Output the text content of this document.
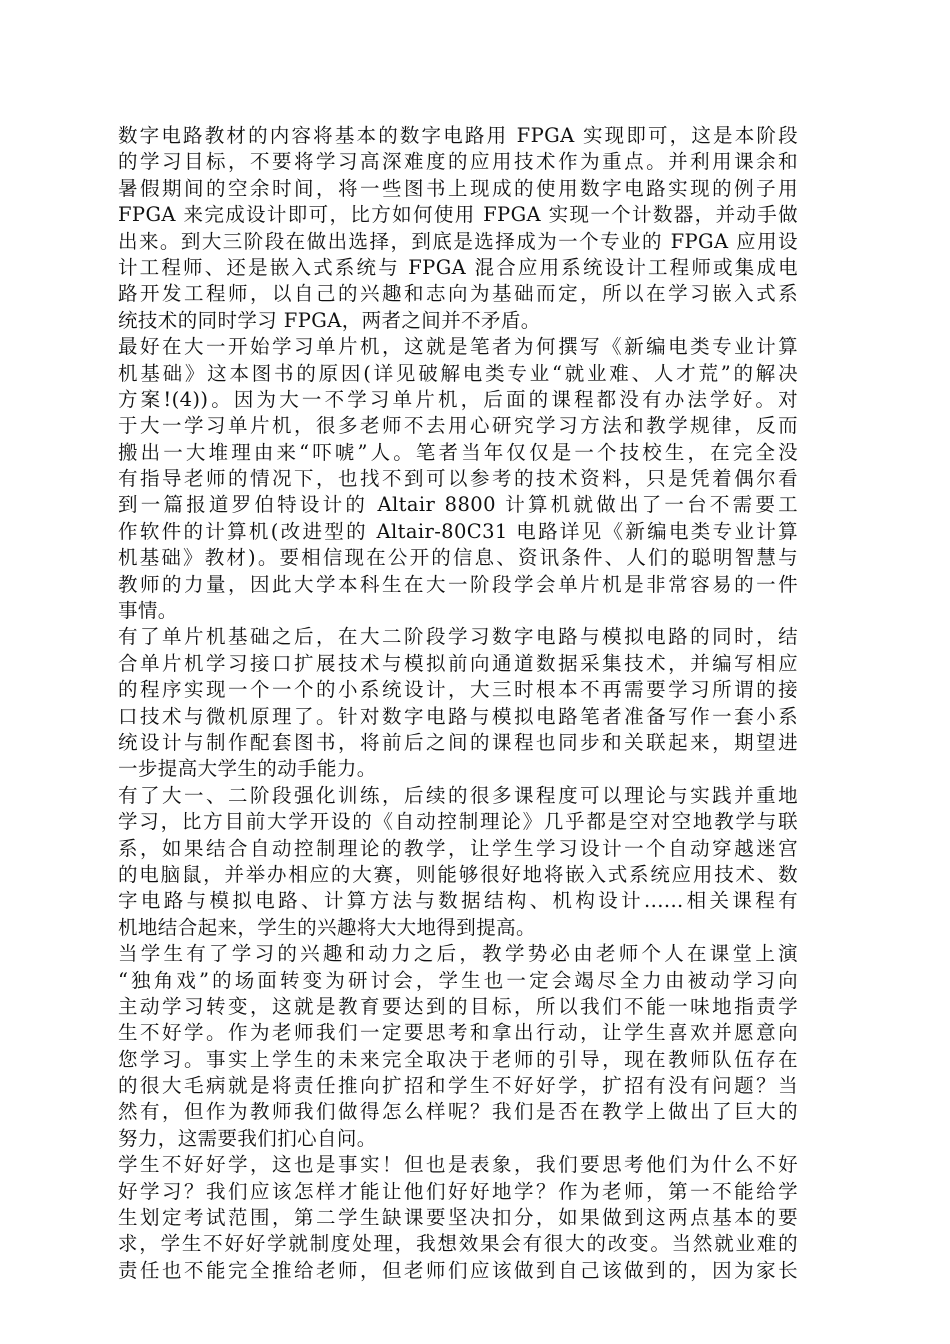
数字电路教材的内容将基本的数字电路用 FPGA 实现即可，这是本阶段
的学习目标，不要将学习高深难度的应用技术作为重点。并利用课余和
暑假期间的空余时间，将一些图书上现成的使用数字电路实现的例子用
FPGA 来完成设计即可，比方如何使用 FPGA 实现一个计数器，并动手做
出来。到大三阶段在做出选择，到底是选择成为一个专业的 FPGA 应用设
计工程师、还是嵌入式系统与 FPGA 混合应用系统设计工程师或集成电
路开发工程师，以自己的兴趣和志向为基础而定，所以在学习嵌入式系
统技术的同时学习 FPGA，两者之间并不矛盾。
最好在大一开始学习单片机，这就是笔者为何撰写《新编电类专业计算
机基础》这本图书的原因(详见破解电类专业“就业难、人才荒”的解决
方案!(4))。因为大一不学习单片机，后面的课程都没有办法学好。对
于大一学习单片机，很多老师不去用心研究学习方法和教学规律，反而
搬出一大堆理由来“吓唬”人。笔者当年仅仅是一个技校生，在完全没
有指导老师的情况下，也找不到可以参考的技术资料，只是凭着偶尔看
到一篇报道罗伯特设计的 Altair 8800 计算机就做出了一台不需要工
作软件的计算机(改进型的 Altair-80C31 电路详见《新编电类专业计算
机基础》教材)。要相信现在公开的信息、资讯条件、人们的聪明智慧与
教师的力量，因此大学本科生在大一阶段学会单片机是非常容易的一件
事情。
有了单片机基础之后，在大二阶段学习数字电路与模拟电路的同时，结
合单片机学习接口扩展技术与模拟前向通道数据采集技术，并编写相应
的程序实现一个一个的小系统设计，大三时根本不再需要学习所谓的接
口技术与微机原理了。针对数字电路与模拟电路笔者准备写作一套小系
统设计与制作配套图书，将前后之间的课程也同步和关联起来，期望进
一步提高大学生的动手能力。
有了大一、二阶段强化训练，后续的很多课程度可以理论与实践并重地
学习，比方目前大学开设的《自动控制理论》几乎都是空对空地教学与联
系，如果结合自动控制理论的教学，让学生学习设计一个自动穿越迷宫
的电脑鼠，并举办相应的大赛，则能够很好地将嵌入式系统应用技术、数
字电路与模拟电路、计算方法与数据结构、机构设计......相关课程有
机地结合起来，学生的兴趣将大大地得到提高。
当学生有了学习的兴趣和动力之后，教学势必由老师个人在课堂上演
“独角戏”的场面转变为研讨会，学生也一定会竭尽全力由被动学习向
主动学习转变，这就是教育要达到的目标，所以我们不能一味地指责学
生不好学。作为老师我们一定要思考和拿出行动，让学生喜欢并愿意向
您学习。事实上学生的未来完全取决于老师的引导，现在教师队伍存在
的很大毛病就是将责任推向扩招和学生不好好学，扩招有没有问题？当
然有，但作为教师我们做得怎么样呢？我们是否在教学上做出了巨大的
努力，这需要我们扪心自问。
学生不好好学，这也是事实！但也是表象，我们要思考他们为什么不好
好学习？我们应该怎样才能让他们好好地学？作为老师，第一不能给学
生划定考试范围，第二学生缺课要坚决扣分，如果做到这两点基本的要
求，学生不好好学就制度处理，我想效果会有很大的改变。当然就业难的
责任也不能完全推给老师，但老师们应该做到自己该做到的，因为家长
